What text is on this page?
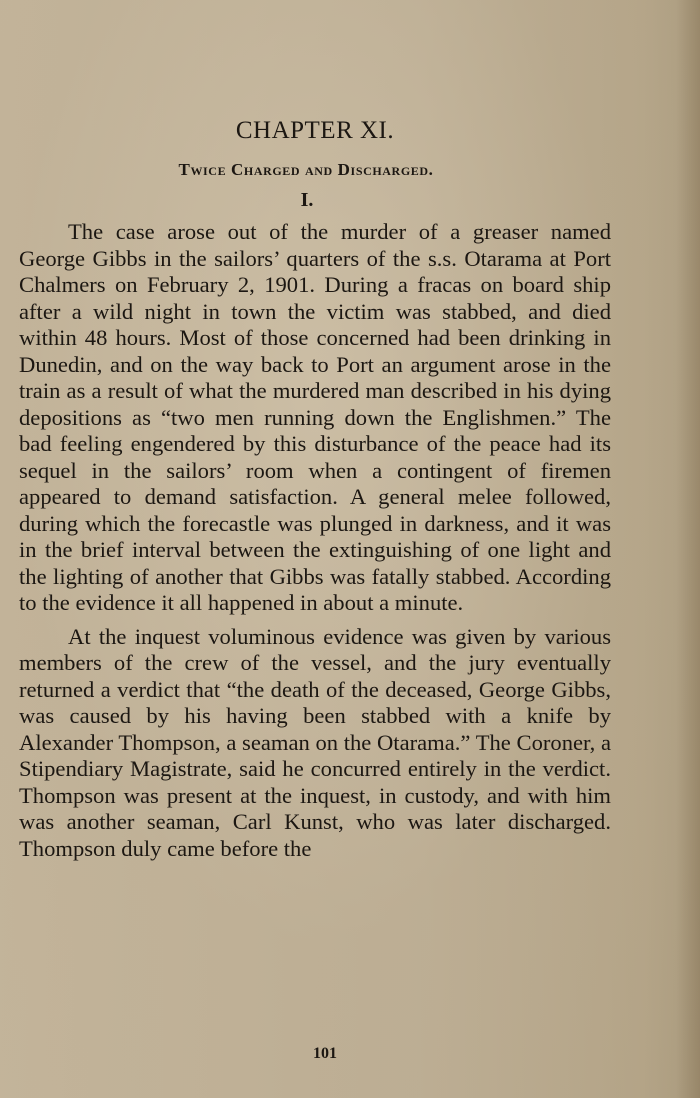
CHAPTER XI.
Twice Charged and Discharged.
I.

The case arose out of the murder of a greaser named George Gibbs in the sailors’ quarters of the s.s. Otarama at Port Chalmers on February 2, 1901. During a fracas on board ship after a wild night in town the victim was stabbed, and died within 48 hours. Most of those concerned had been drinking in Dunedin, and on the way back to Port an argument arose in the train as a result of what the murdered man described in his dying depositions as “two men running down the Englishmen.” The bad feeling engendered by this disturbance of the peace had its sequel in the sailors’ room when a contingent of firemen appeared to demand satisfaction. A general melee followed, during which the forecastle was plunged in darkness, and it was in the brief interval between the extinguishing of one light and the lighting of another that Gibbs was fatally stabbed. According to the evidence it all happened in about a minute.

At the inquest voluminous evidence was given by various members of the crew of the vessel, and the jury eventually returned a verdict that “the death of the deceased, George Gibbs, was caused by his having been stabbed with a knife by Alexander Thompson, a seaman on the Otarama.” The Coroner, a Stipendiary Magistrate, said he concurred entirely in the verdict. Thompson was present at the inquest, in custody, and with him was another seaman, Carl Kunst, who was later discharged. Thompson duly came before the

101
